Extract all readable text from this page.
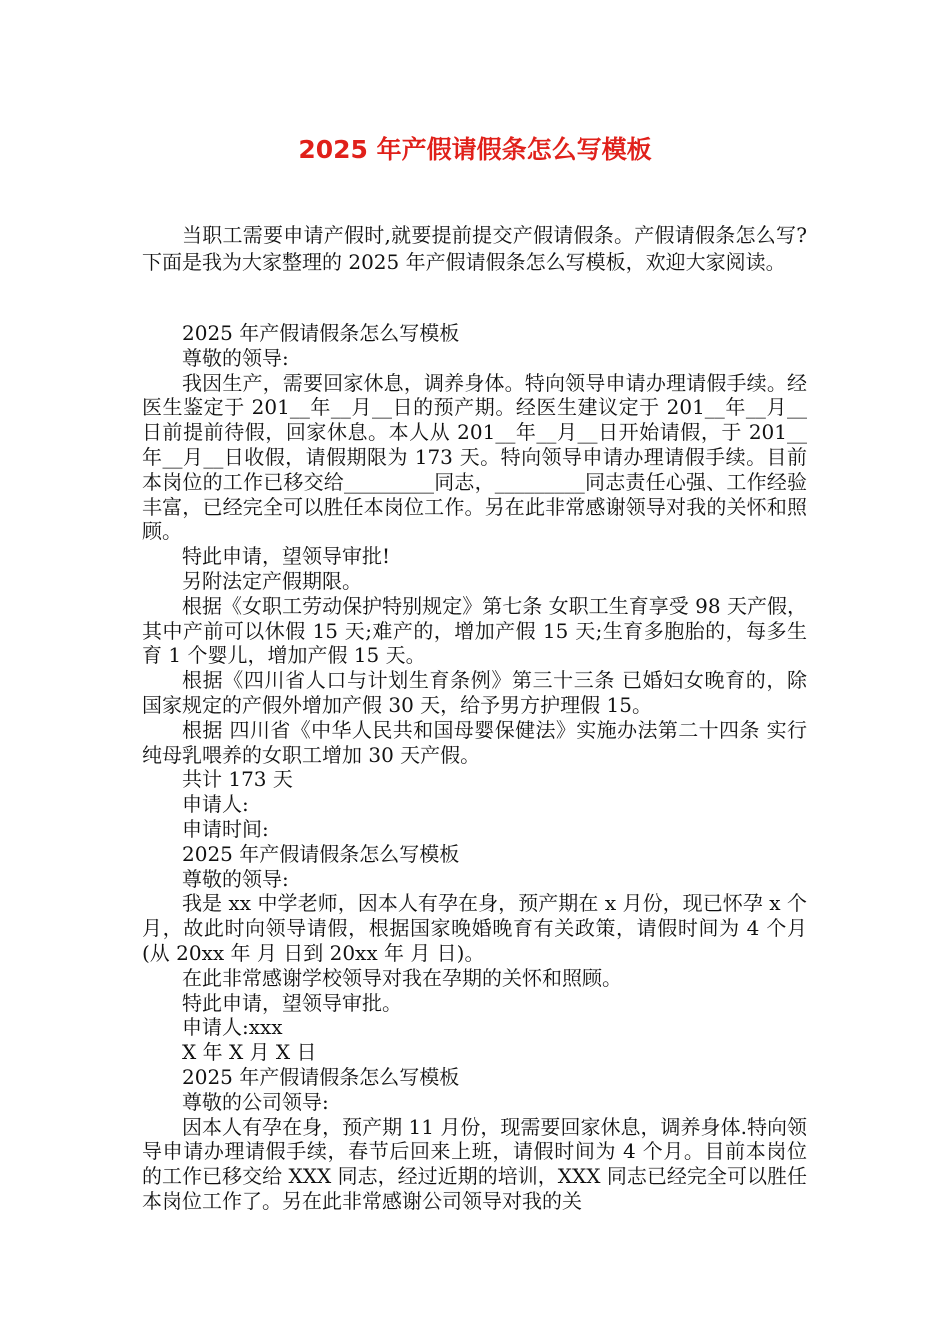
2025 年产假请假条怎么写模板

当职工需要申请产假时,就要提前提交产假请假条。产假请假条怎么写?下面是我为大家整理的 2025 年产假请假条怎么写模板，欢迎大家阅读。

2025 年产假请假条怎么写模板

尊敬的领导:

我因生产，需要回家休息，调养身体。特向领导申请办理请假手续。经医生鉴定于 201__年__月__日的预产期。经医生建议定于 201__年__月__日前提前待假，回家休息。本人从 201__年__月__日开始请假，于 201__年__月__日收假，请假期限为 173 天。特向领导申请办理请假手续。目前本岗位的工作已移交给_________同志，_________同志责任心强、工作经验丰富，已经完全可以胜任本岗位工作。另在此非常感谢领导对我的关怀和照顾。

特此申请，望领导审批!

另附法定产假期限。

根据《女职工劳动保护特别规定》第七条 女职工生育享受 98 天产假，其中产前可以休假 15 天;难产的，增加产假 15 天;生育多胞胎的，每多生育 1 个婴儿，增加产假 15 天。

根据《四川省人口与计划生育条例》第三十三条 已婚妇女晚育的，除国家规定的产假外增加产假 30 天，给予男方护理假 15。

根据 四川省《中华人民共和国母婴保健法》实施办法第二十四条 实行纯母乳喂养的女职工增加 30 天产假。

共计 173 天

申请人:

申请时间:

2025 年产假请假条怎么写模板

尊敬的领导:

我是 xx 中学老师，因本人有孕在身，预产期在 x 月份，现已怀孕 x 个月，故此时向领导请假，根据国家晚婚晚育有关政策，请假时间为 4 个月(从 20xx 年 月 日到 20xx 年 月 日)。

在此非常感谢学校领导对我在孕期的关怀和照顾。

特此申请，望领导审批。

申请人:xxx

X 年 X 月 X 日

2025 年产假请假条怎么写模板

尊敬的公司领导:

因本人有孕在身，预产期 11 月份，现需要回家休息，调养身体.特向领导申请办理请假手续，春节后回来上班，请假时间为 4 个月。目前本岗位的工作已移交给 XXX 同志，经过近期的培训，XXX 同志已经完全可以胜任本岗位工作了。另在此非常感谢公司领导对我的关
